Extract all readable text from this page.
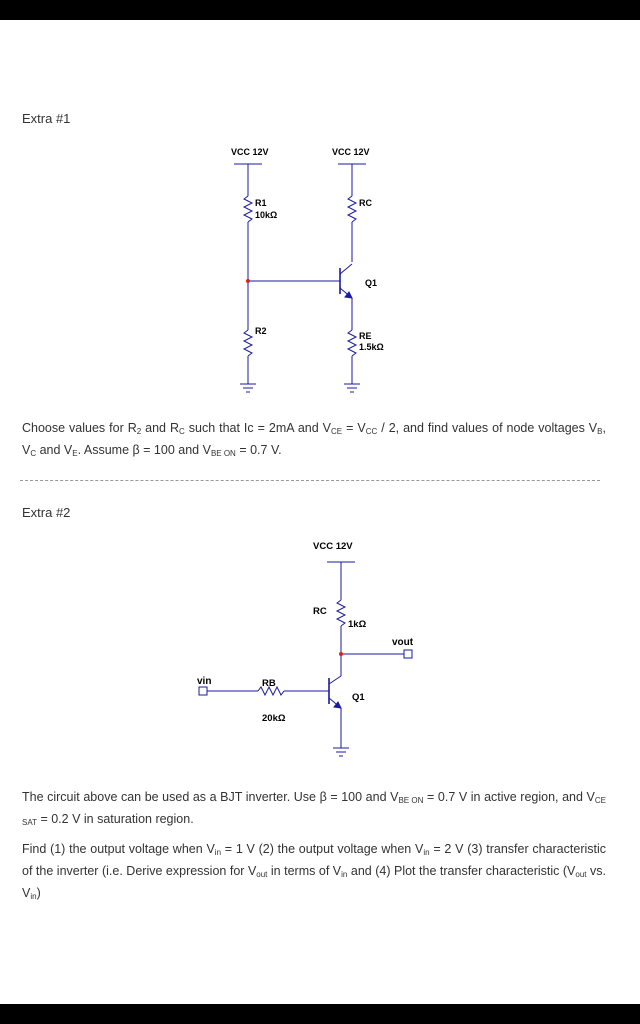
Extra #1
VCC 12V	VCC 12V
R1
10kΩ
RC
Q1
R2	RE
1.5kΩ
Choose values for $R_2$ and $R_C$ such that Ic = 2mA and $V_{CE} = V_{CC} / 2$, and find values of node voltages $V_B$, $V_C$ and $V_E$. Assume β = 100 and $V_{BE ON} = 0.7$ V.
Extra #2
VCC 12V
RC
1kΩ
RB
20kΩ
Q1
vout
vin
The circuit above can be used as a BJT inverter. Use β = 100 and $V_{BE ON} = 0.7$ V in active region, and $V_{CE SAT} = 0.2$ V in saturation region.
Find (1) the output voltage when $V_{in} = 1$ V (2) the output voltage when $V_{in} = 2$ V (3) transfer characteristic of the inverter (i.e. Derive expression for $V_{out}$ in terms of $V_{in}$ and (4) Plot the transfer characteristic ($V_{out}$ vs. $V_{in}$)
